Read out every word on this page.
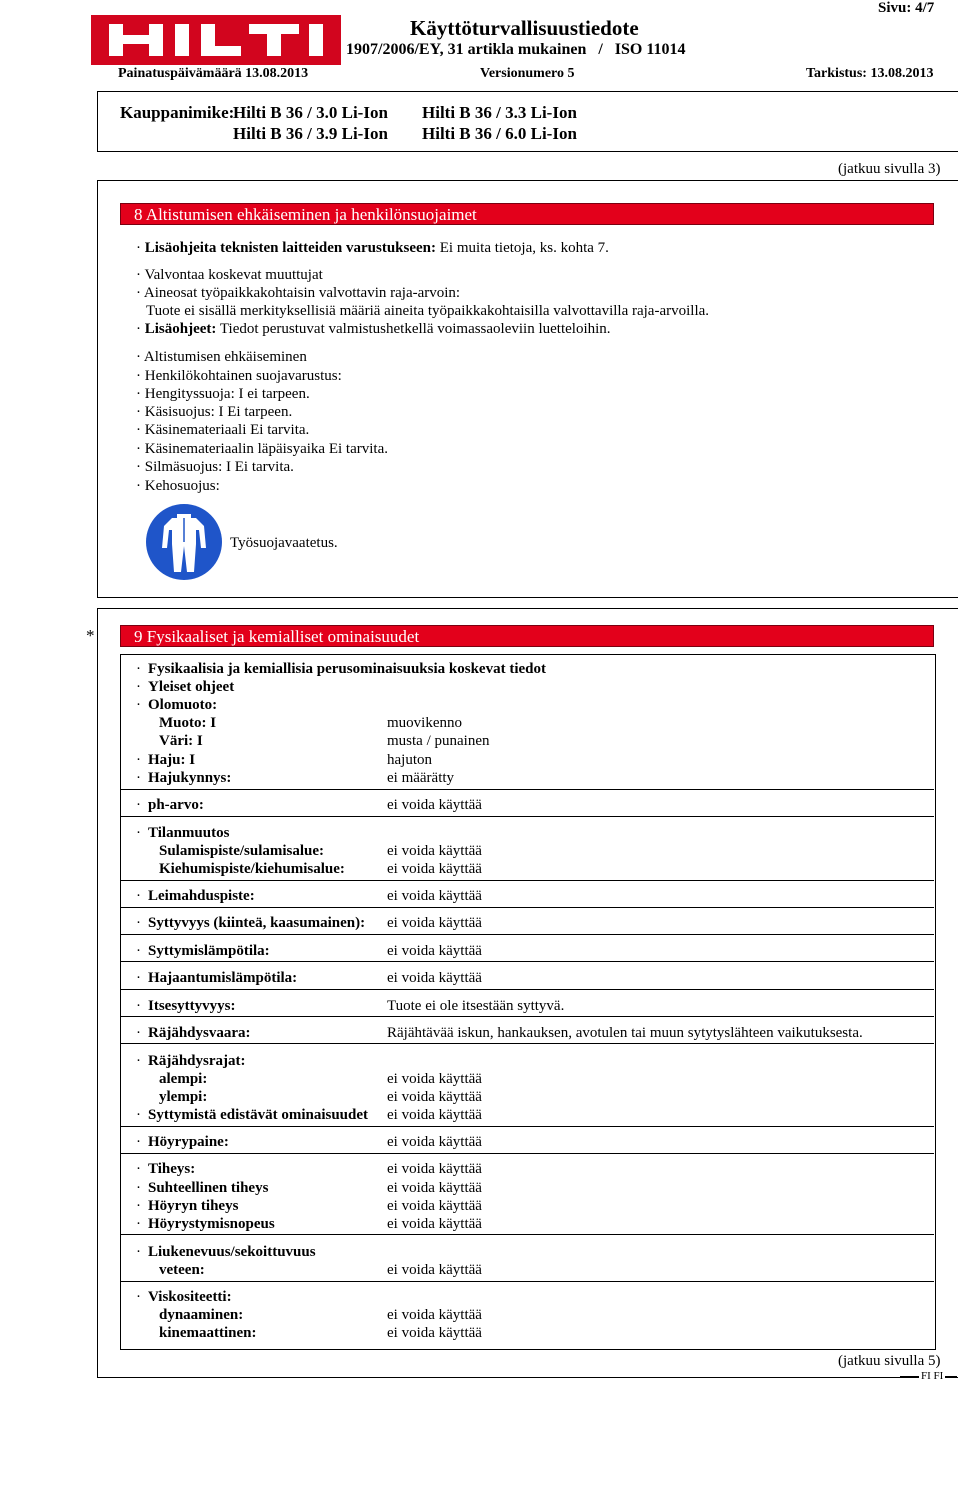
Käyttöturvallisuustiedote
1907/2006/EY, 31 artikla mukainen   /   ISO 11014
Sivu: 4/7
Painatuspäivämäärä 13.08.2013	Versionumero 5	Tarkistus: 13.08.2013
Kauppanimike:
Hilti B 36 / 3.0 Li-Ion Hilti B 36 / 3.3 Li-Ion
Hilti B 36 / 3.9 Li-Ion Hilti B 36 / 6.0 Li-Ion
(jatkuu sivulla 3)
8 Altistumisen ehkäiseminen ja henkilönsuojaimet
· Lisäohjeita teknisten laitteiden varustukseen: Ei muita tietoja, ks. kohta 7.
· Valvontaa koskevat muuttujat
· Aineosat työpaikkakohtaisin valvottavin raja-arvoin:
Tuote ei sisällä merkityksellisiä määriä aineita työpaikkakohtaisilla valvottavilla raja-arvoilla.
· Lisäohjeet: Tiedot perustuvat valmistushetkellä voimassaoleviin luetteloihin.
· Altistumisen ehkäiseminen
· Henkilökohtainen suojavarustus:
· Hengityssuoja: I ei tarpeen.
· Käsisuojus: I Ei tarpeen.
· Käsinemateriaali Ei tarvita.
· Käsinemateriaalin läpäisyaika Ei tarvita.
· Silmäsuojus: I Ei tarvita.
· Kehosuojus:
Työsuojavaatetus.
*	9 Fysikaaliset ja kemialliset ominaisuudet
· Fysikaalisia ja kemiallisia perusominaisuuksia koskevat tiedot
· Yleiset ohjeet
· Olomuoto:
Muoto: I	muovikenno
Väri: I	musta / punainen
· Haju: I	hajuton
· Hajukynnys:	ei määrätty
· ph-arvo:	ei voida käyttää
· Tilanmuutos
Sulamispiste/sulamisalue:	ei voida käyttää
Kiehumispiste/kiehumisalue:	ei voida käyttää
· Leimahduspiste:	ei voida käyttää
· Syttyvyys (kiinteä, kaasumainen): ei voida käyttää
· Syttymislämpötila:	ei voida käyttää
· Hajaantumislämpötila:	ei voida käyttää
· Itsesyttyvyys:	Tuote ei ole itsestään syttyvä.
· Räjähdysvaara:	Räjähtävää iskun, hankauksen, avotulen tai muun sytytyslähteen vaikutuksesta.
· Räjähdysrajat:
alempi:	ei voida käyttää
ylempi:	ei voida käyttää
· Syttymistä edistävät ominaisuudet ei voida käyttää
· Höyrypaine:	ei voida käyttää
· Tiheys:	ei voida käyttää
· Suhteellinen tiheys	ei voida käyttää
· Höyryn tiheys	ei voida käyttää
· Höyrystymisnopeus	ei voida käyttää
· Liukenevuus/sekoittuvuus
veteen:	ei voida käyttää
· Viskositeetti:
dynaaminen:	ei voida käyttää
kinemaattinen:	ei voida käyttää
(jatkuu sivulla 5)
FI FI
